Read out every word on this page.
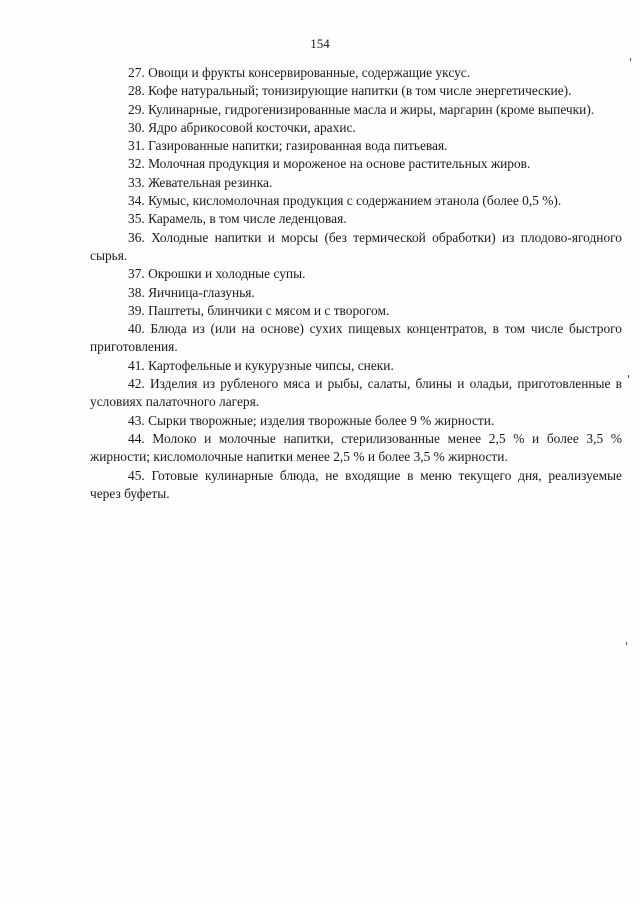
154

27. Овощи и фрукты консервированные, содержащие уксус.

28. Кофе натуральный; тонизирующие напитки (в том числе энергетические).

29. Кулинарные, гидрогенизированные масла и жиры, маргарин (кроме выпечки).

30. Ядро абрикосовой косточки, арахис.

31. Газированные напитки; газированная вода питьевая.

32. Молочная продукция и мороженое на основе растительных жиров.

33. Жевательная резинка.

34. Кумыс, кисломолочная продукция с содержанием этанола (более 0,5 %).

35. Карамель, в том числе леденцовая.

36. Холодные напитки и морсы (без термической обработки) из плодово-ягодного сырья.

37. Окрошки и холодные супы.

38. Яичница-глазунья.

39. Паштеты, блинчики с мясом и с творогом.

40. Блюда из (или на основе) сухих пищевых концентратов, в том числе быстрого приготовления.

41. Картофельные и кукурузные чипсы, снеки.

42. Изделия из рубленого мяса и рыбы, салаты, блины и оладьи, приготовленные в условиях палаточного лагеря.

43. Сырки творожные; изделия творожные более 9 % жирности.

44. Молоко и молочные напитки, стерилизованные менее 2,5 % и более 3,5 % жирности; кисломолочные напитки менее 2,5 % и более 3,5 % жирности.

45. Готовые кулинарные блюда, не входящие в меню текущего дня, реализуемые через буфеты.
